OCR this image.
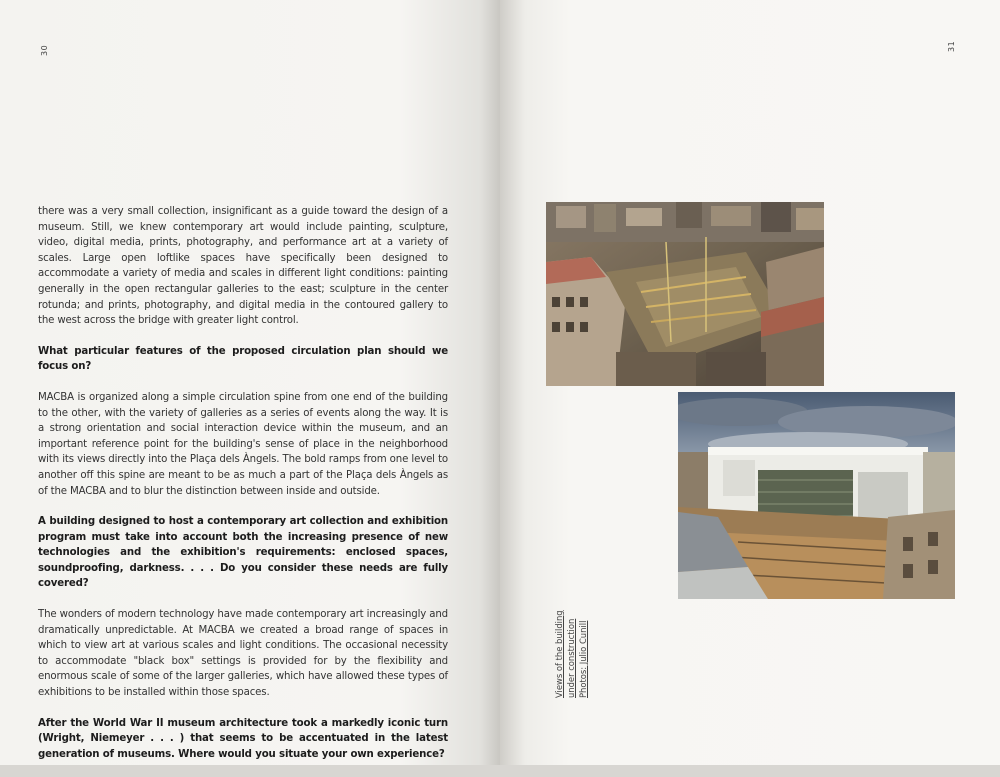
30

there was a very small collection, insignificant as a guide toward the design of a museum. Still, we knew contemporary art would include painting, sculpture, video, digital media, prints, photography, and performance art at a variety of scales. Large open loftlike spaces have specifically been designed to accommodate a variety of media and scales in different light conditions: painting generally in the open rectangular galleries to the east; sculpture in the center rotunda; and prints, photography, and digital media in the contoured gallery to the west across the bridge with greater light control.

What particular features of the proposed circulation plan should we focus on?

MACBA is organized along a simple circulation spine from one end of the building to the other, with the variety of galleries as a series of events along the way. It is a strong orientation and social interaction device within the museum, and an important reference point for the building's sense of place in the neighborhood with its views directly into the Plaça dels Àngels. The bold ramps from one level to another off this spine are meant to be as much a part of the Plaça dels Àngels as of the MACBA and to blur the distinction between inside and outside.

A building designed to host a contemporary art collection and exhibition program must take into account both the increasing presence of new technologies and the exhibition's requirements: enclosed spaces, soundproofing, darkness. . . . Do you consider these needs are fully covered?

The wonders of modern technology have made contemporary art increasingly and dramatically unpredictable. At MACBA we created a broad range of spaces in which to view art at various scales and light conditions. The occasional necessity to accommodate "black box" settings is provided for by the flexibility and enormous scale of some of the larger galleries, which have allowed these types of exhibitions to be installed within those spaces.

After the World War II museum architecture took a markedly iconic turn (Wright, Niemeyer . . . ) that seems to be accentuated in the latest generation of museums. Where would you situate your own experience?

31
Views of the building under construction Photos: Julio Cunill
